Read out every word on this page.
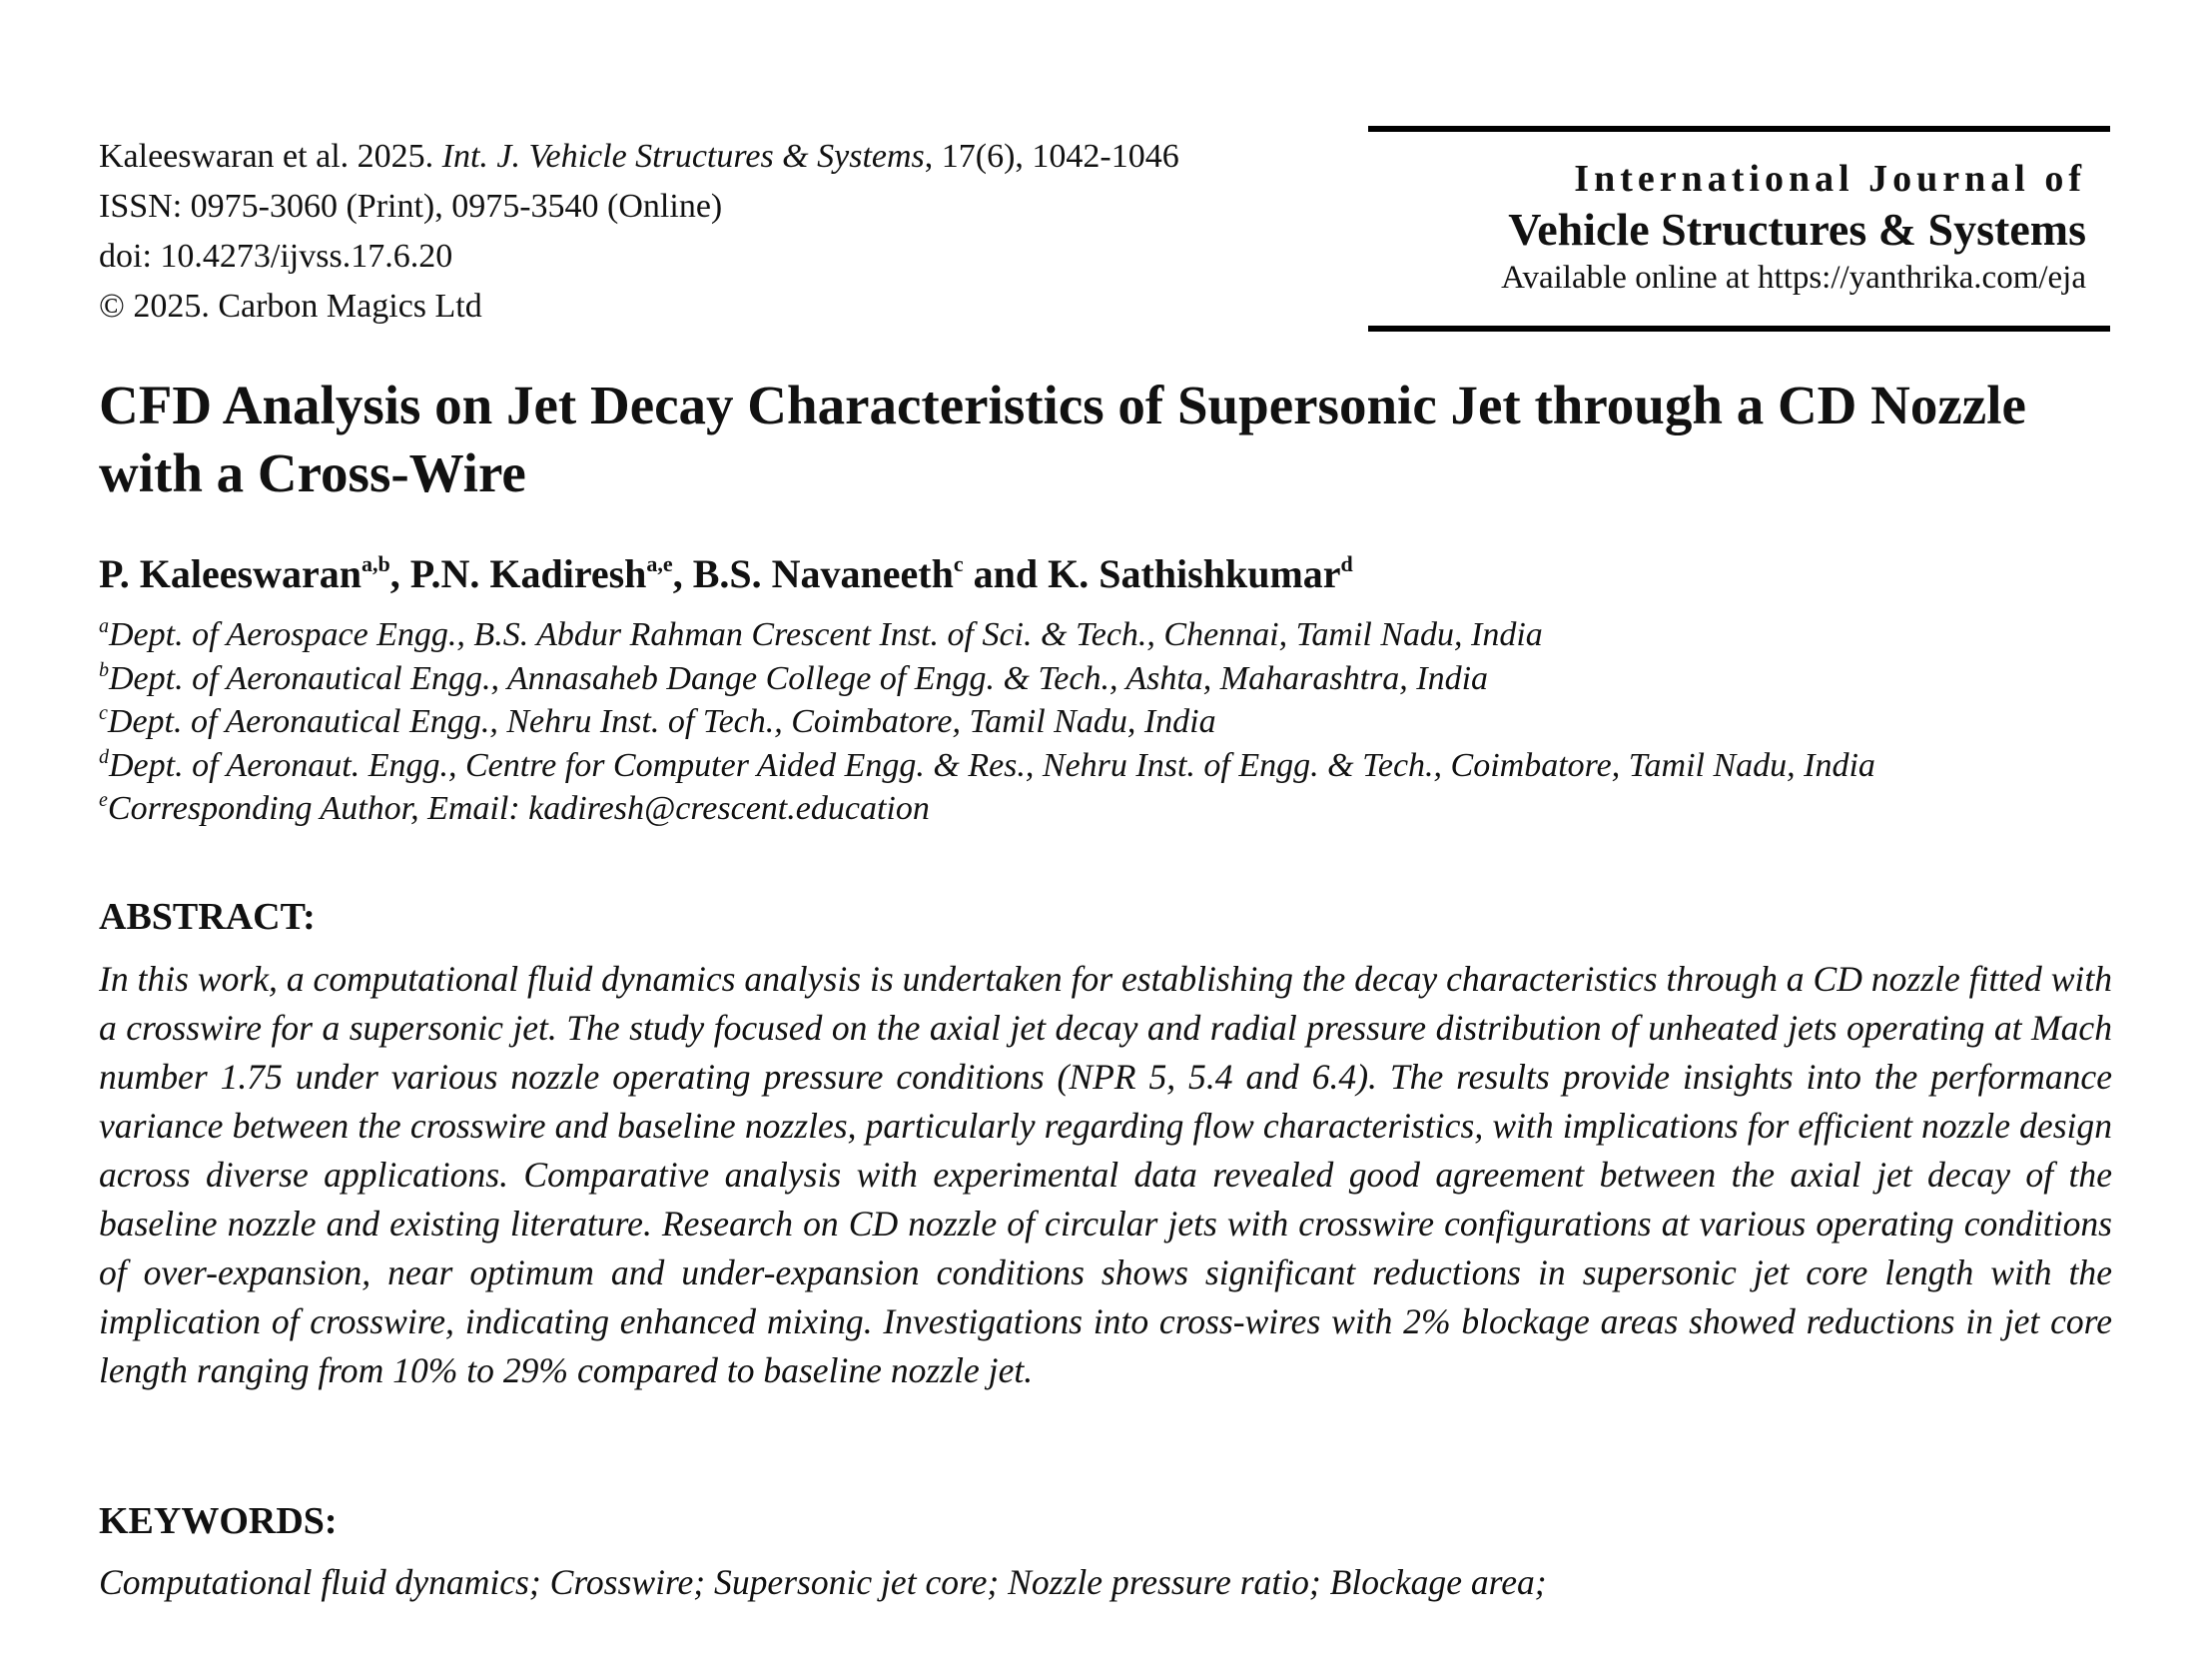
Kaleeswaran et al. 2025. Int. J. Vehicle Structures & Systems, 17(6), 1042-1046
ISSN: 0975-3060 (Print), 0975-3540 (Online)
doi: 10.4273/ijvss.17.6.20
© 2025. Carbon Magics Ltd
International Journal of
Vehicle Structures & Systems
Available online at https://yanthrika.com/eja
CFD Analysis on Jet Decay Characteristics of Supersonic Jet through a CD Nozzle with a Cross-Wire
P. Kaleeswaran$^{a,b}$, P.N. Kadiresh$^{a,e}$, B.S. Navaneeth$^c$ and K. Sathishkumar$^d$
$^a$Dept. of Aerospace Engg., B.S. Abdur Rahman Crescent Inst. of Sci. & Tech., Chennai, Tamil Nadu, India
$^b$Dept. of Aeronautical Engg., Annasaheb Dange College of Engg. & Tech., Ashta, Maharashtra, India
$^c$Dept. of Aeronautical Engg., Nehru Inst. of Tech., Coimbatore, Tamil Nadu, India
$^d$Dept. of Aeronaut. Engg., Centre for Computer Aided Engg. & Res., Nehru Inst. of Engg. & Tech., Coimbatore, Tamil Nadu, India
$^e$Corresponding Author, Email: kadiresh@crescent.education
ABSTRACT:

In this work, a computational fluid dynamics analysis is undertaken for establishing the decay characteristics through a CD nozzle fitted with a crosswire for a supersonic jet. The study focused on the axial jet decay and radial pressure distribution of unheated jets operating at Mach number 1.75 under various nozzle operating pressure conditions (NPR 5, 5.4 and 6.4). The results provide insights into the performance variance between the crosswire and baseline nozzles, particularly regarding flow characteristics, with implications for efficient nozzle design across diverse applications. Comparative analysis with experimental data revealed good agreement between the axial jet decay of the baseline nozzle and existing literature. Research on CD nozzle of circular jets with crosswire configurations at various operating conditions of over-expansion, near optimum and under-expansion conditions shows significant reductions in supersonic jet core length with the implication of crosswire, indicating enhanced mixing. Investigations into cross-wires with 2% blockage areas showed reductions in jet core length ranging from 10% to 29% compared to baseline nozzle jet.

KEYWORDS:
Computational fluid dynamics; Crosswire; Supersonic jet core; Nozzle pressure ratio; Blockage area;
